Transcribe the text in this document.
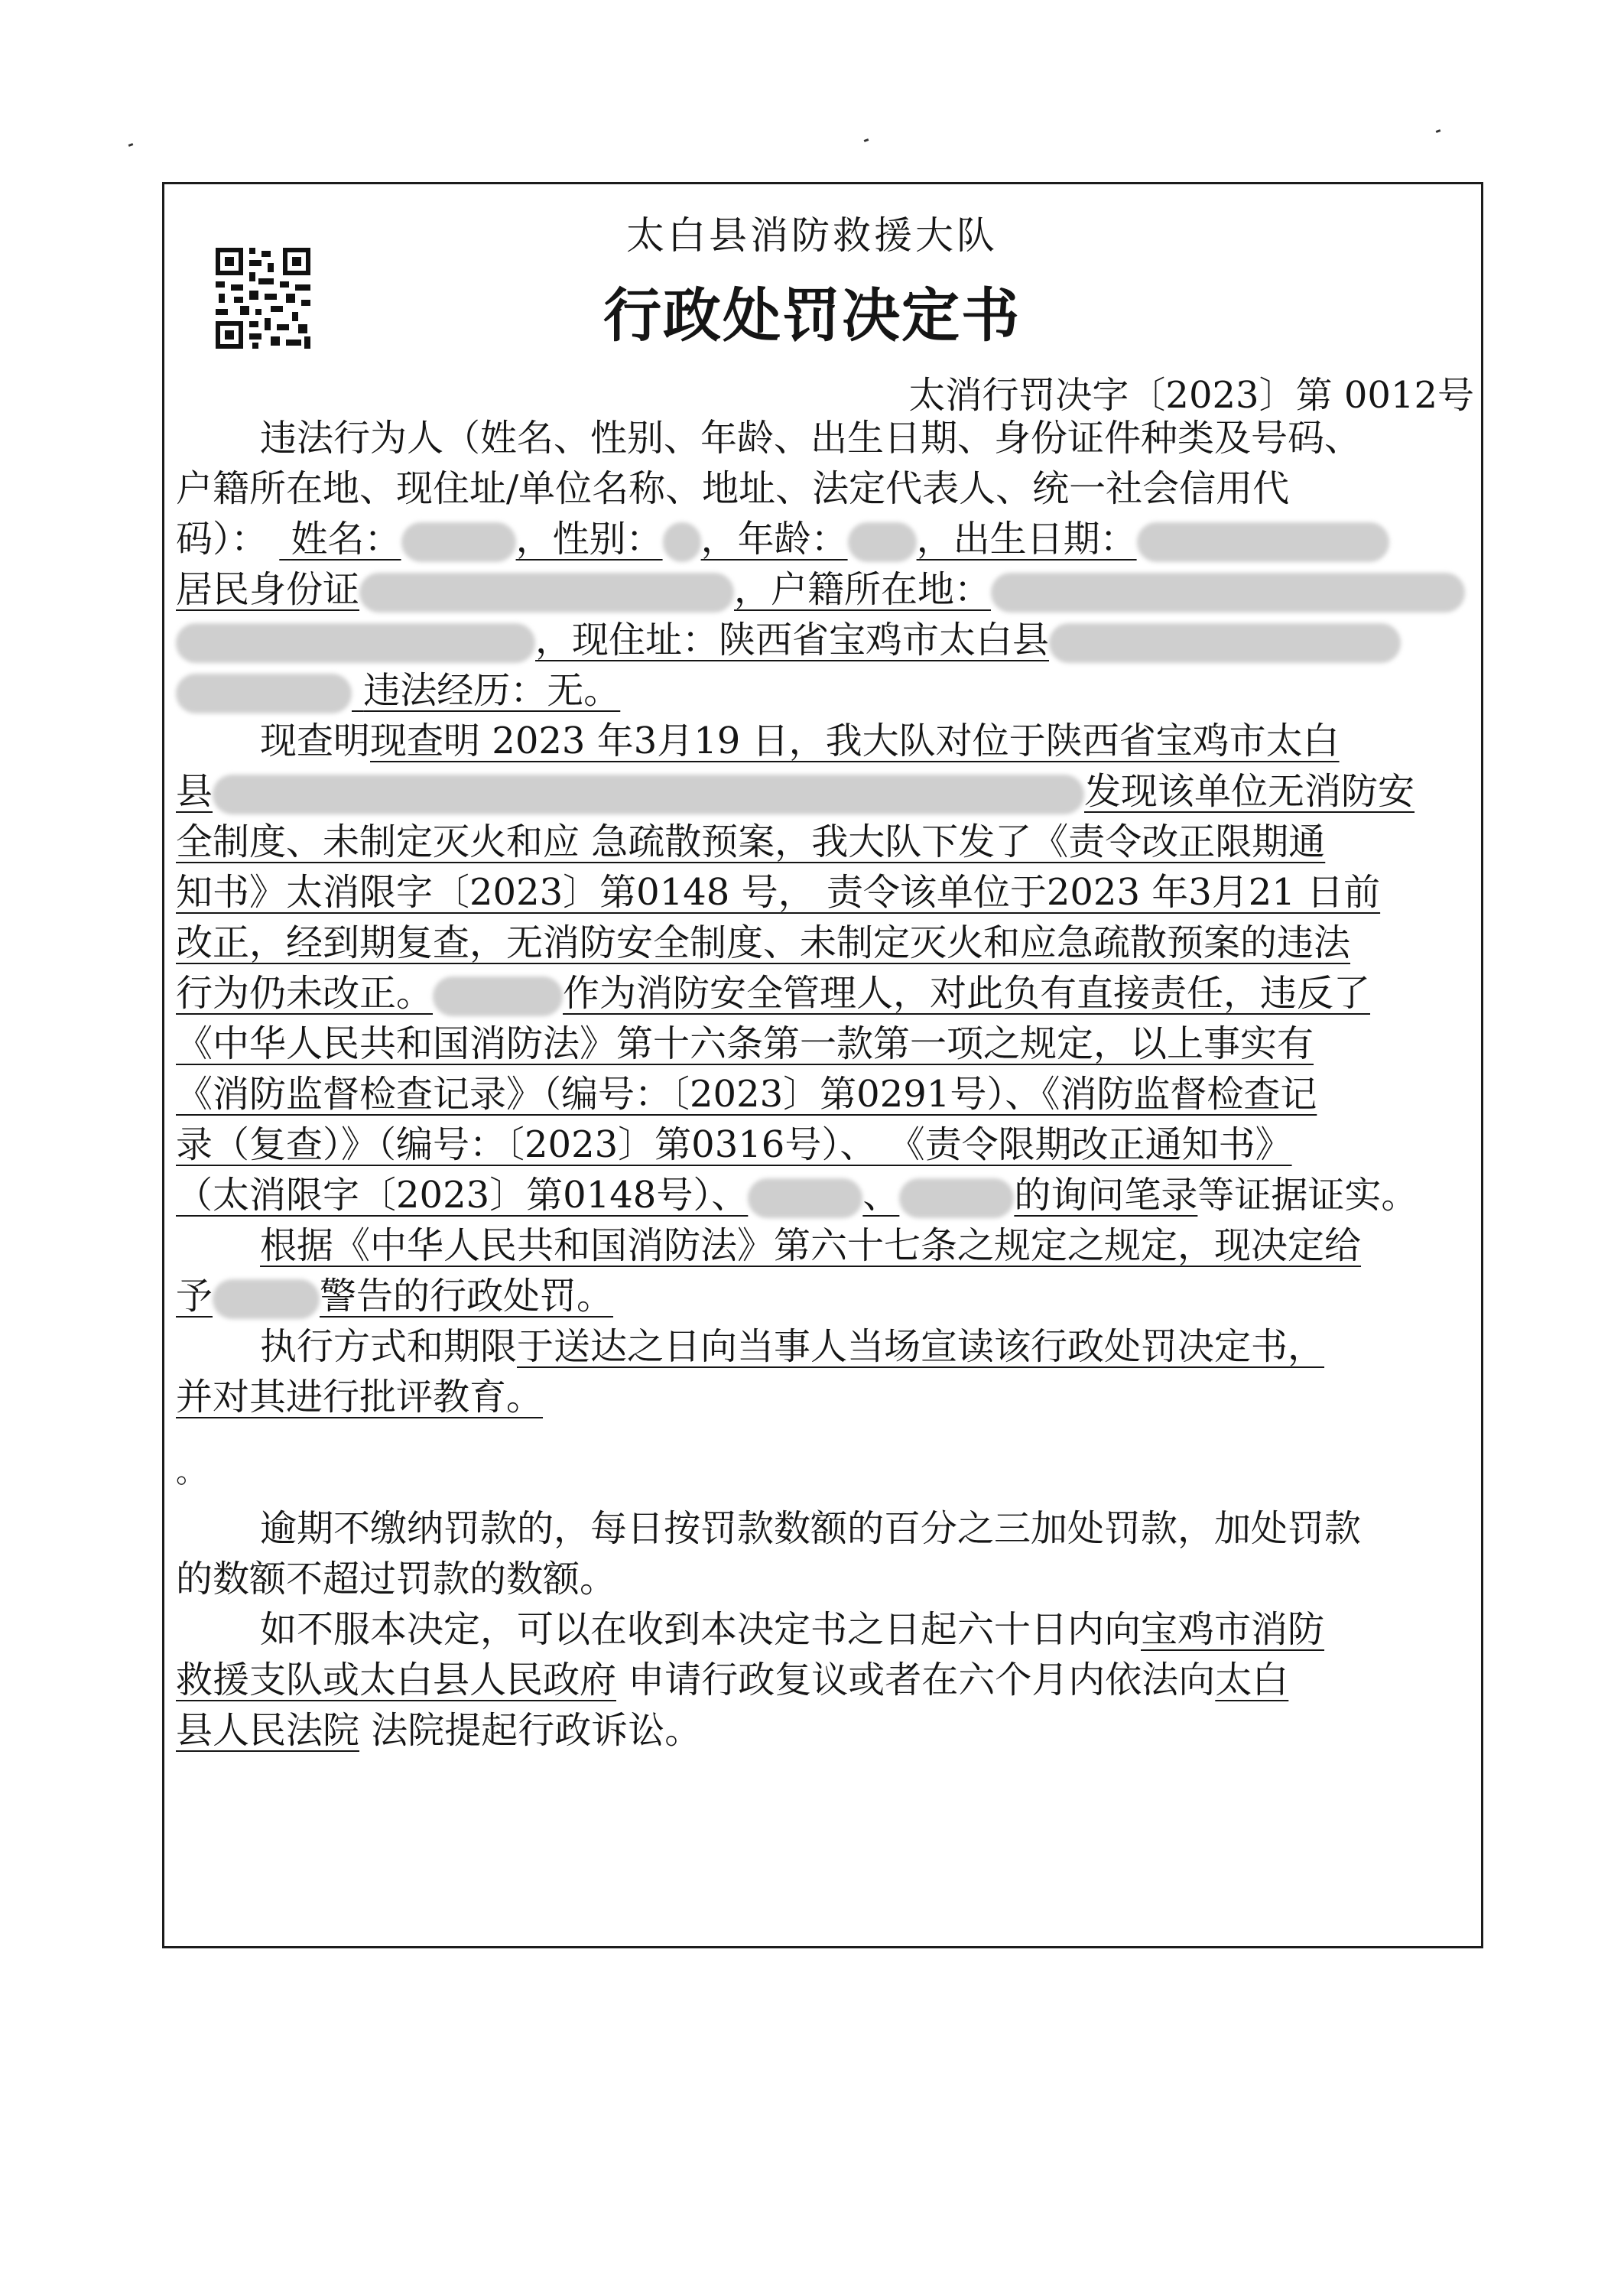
太白县消防救援大队
行政处罚决定书
太消行罚决字〔2023〕第 0012号
违法行为人（姓名、性别、年龄、出生日期、身份证件种类及号码、
户籍所在地、现住址/单位名称、地址、法定代表人、统一社会信用代
码）： 姓名：	，性别： ，年龄： ，出生日期：
居民身份证	，户籍所在地：
，现住址：陕西省宝鸡市太白县
违法经历：无。
现查明现查明 2023 年3月19 日，我大队对位于陕西省宝鸡市太白
县	发现该单位无消防安
全制度、未制定灭火和应 急疏散预案，我大队下发了《责令改正限期通
知书》太消限字〔2023〕第0148 号， 责令该单位于2023 年3月21 日前
改正，经到期复查，无消防安全制度、未制定灭火和应急疏散预案的违法
行为仍未改正。	作为消防安全管理人，对此负有直接责任，违反了
《中华人民共和国消防法》第十六条第一款第一项之规定，以上事实有
《消防监督检查记录》（编号：〔2023〕第0291号）、《消防监督检查记
录（复查）》（编号：〔2023〕第0316号）、 《责令限期改正通知书》
（太消限字〔2023〕第0148号）、	、	的询问笔录等证据证实。
根据《中华人民共和国消防法》第六十七条之规定之规定，现决定给
予	警告的行政处罚。
执行方式和期限于送达之日向当事人当场宣读该行政处罚决定书，
并对其进行批评教育。
。
逾期不缴纳罚款的，每日按罚款数额的百分之三加处罚款，加处罚款
的数额不超过罚款的数额。
如不服本决定，可以在收到本决定书之日起六十日内向宝鸡市消防
救援支队或太白县人民政府 申请行政复议或者在六个月内依法向太白
县人民法院 法院提起行政诉讼。
